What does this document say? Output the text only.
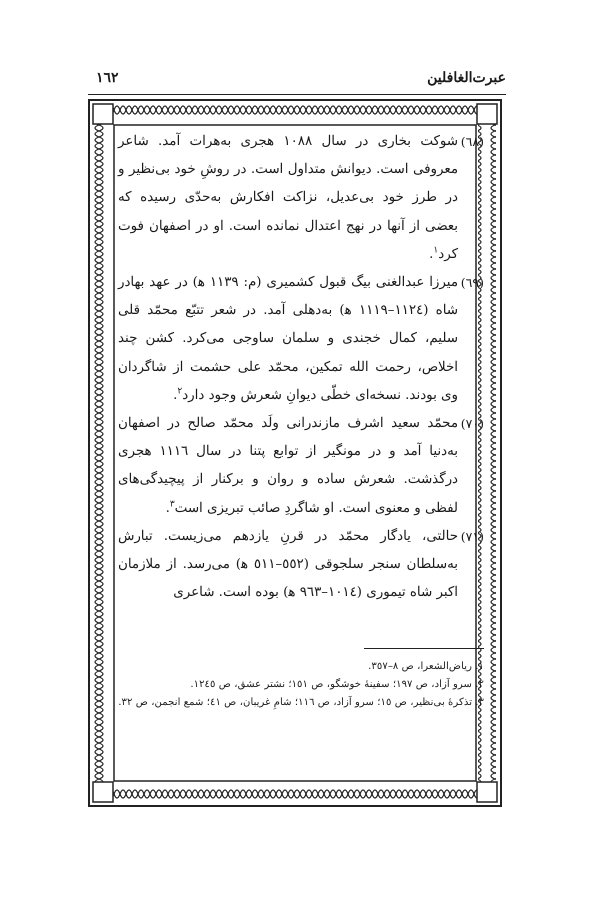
عبرت‌الغافلین
١٦٢

(٦٨)
شوکت بخاری در سال ١٠٨٨ هجری به‌هرات آمد. شاعر معروفی است. دیوانش متداول است. در روشِ خود بی‌نظیر و در طرز خود بی‌عدیل، نزاکت افکارش به‌حدّی رسیده که بعضی از آنها در نهج اعتدال نمانده است. او در اصفهان فوت کرد$^١$.

(٦٩)
میرزا عبدالغنی بیگ قبول کشمیری (م: ١١٣٩ ﻫ) در عهد بهادر شاه (١١٢٤–١١١٩ ﻫ) به‌دهلی آمد. در شعر تتبّع محمّد قلی سلیم، کمال خجندی و سلمان ساوجی می‌کرد. کشن چند اخلاص، رحمت الله تمکین، محمّد علی حشمت از شاگردان وی بودند. نسخه‌ای خطّی دیوانِ شعرش وجود دارد$^٢$.

(٧٠)
محمّد سعید اشرف مازندرانی ولَد محمّد صالح در اصفهان به‌دنیا آمد و در مونگیر از توابع پتنا در سال ١١١٦ هجری درگذشت. شعرش ساده و روان و برکنار از پیچیدگی‌های لفظی و معنوی است. او شاگردِ صائب تبریزی است$^٣$.

(٧١)
حالتی، یادگار محمّد در قرنِ یازدهم می‌زیست. تبارش به‌سلطان سنجر سلجوقی (٥٥٢–٥١١ ﻫ) می‌رسد. از ملازمان اکبر شاه تیموری (١٠١٤–٩٦٣ ﻫ) بوده است. شاعری

١. ریاض‌الشعرا، ص ٨–٣٥٧.

٢. سرو آزاد، ص ١٩٧؛ سفینهٔ خوشگو، ص ١٥١؛ نشتر عشق، ص ١٢٤٥.

٣. تذکرهٔ بی‌نظیر، ص ١٥؛ سرو آزاد، ص ١١٦؛ شامِ غریبان، ص ٤١؛ شمع انجمن، ص ٣٢.
